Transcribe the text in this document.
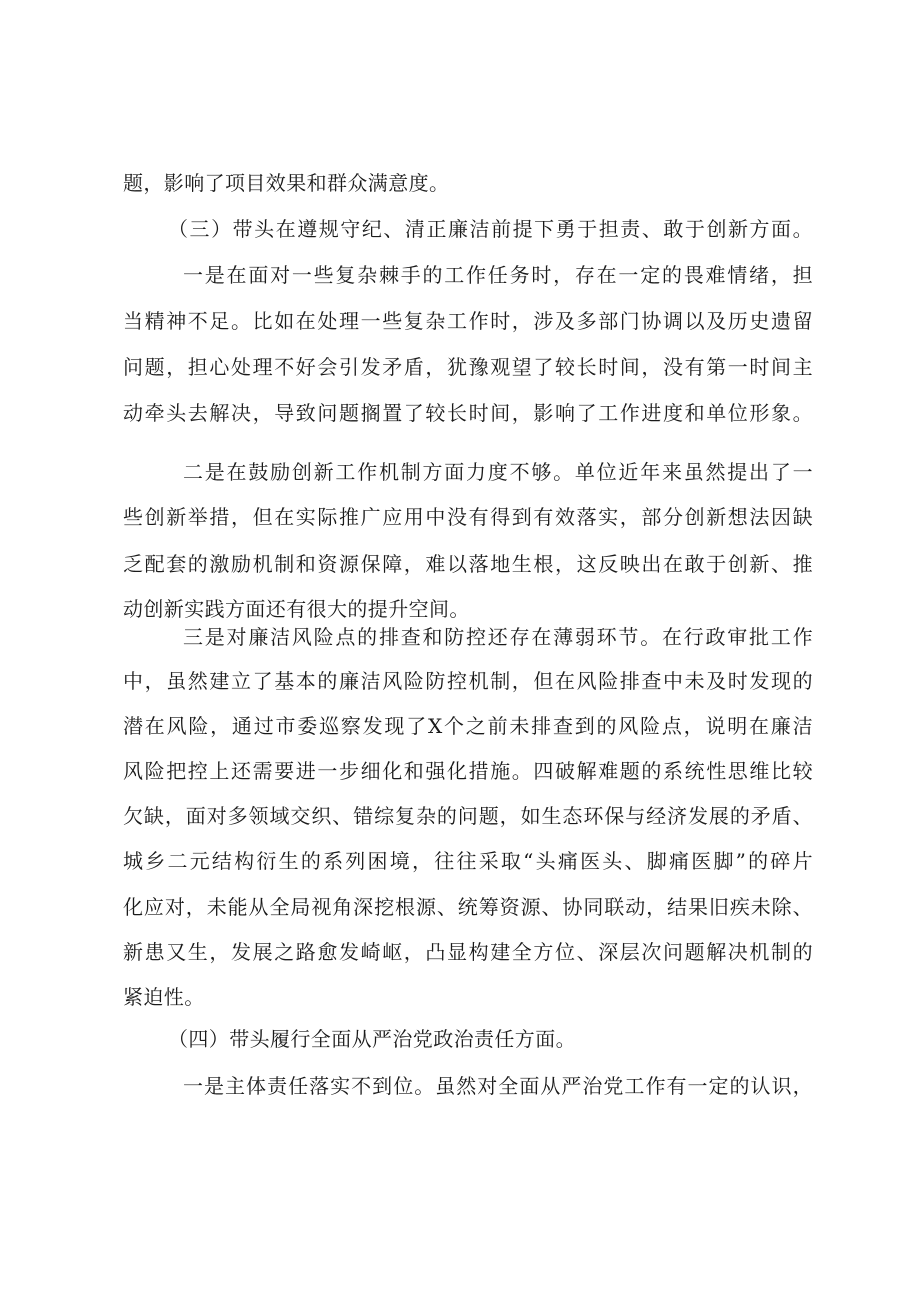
题，影响了项目效果和群众满意度。

（三）带头在遵规守纪、清正廉洁前提下勇于担责、敢于创新方面。

一是在面对一些复杂棘手的工作任务时，存在一定的畏难情绪，担

当精神不足。比如在处理一些复杂工作时，涉及多部门协调以及历史遗留

问题，担心处理不好会引发矛盾，犹豫观望了较长时间，没有第一时间主

动牵头去解决，导致问题搁置了较长时间，影响了工作进度和单位形象。

二是在鼓励创新工作机制方面力度不够。单位近年来虽然提出了一

些创新举措，但在实际推广应用中没有得到有效落实，部分创新想法因缺

乏配套的激励机制和资源保障，难以落地生根，这反映出在敢于创新、推

动创新实践方面还有很大的提升空间。

三是对廉洁风险点的排查和防控还存在薄弱环节。在行政审批工作

中，虽然建立了基本的廉洁风险防控机制，但在风险排查中未及时发现的

潜在风险，通过市委巡察发现了X个之前未排查到的风险点，说明在廉洁

风险把控上还需要进一步细化和强化措施。四破解难题的系统性思维比较

欠缺，面对多领域交织、错综复杂的问题，如生态环保与经济发展的矛盾、

城乡二元结构衍生的系列困境，往往采取“头痛医头、脚痛医脚”的碎片

化应对，未能从全局视角深挖根源、统筹资源、协同联动，结果旧疾未除、

新患又生，发展之路愈发崎岖，凸显构建全方位、深层次问题解决机制的

紧迫性。

（四）带头履行全面从严治党政治责任方面。

一是主体责任落实不到位。虽然对全面从严治党工作有一定的认识，
